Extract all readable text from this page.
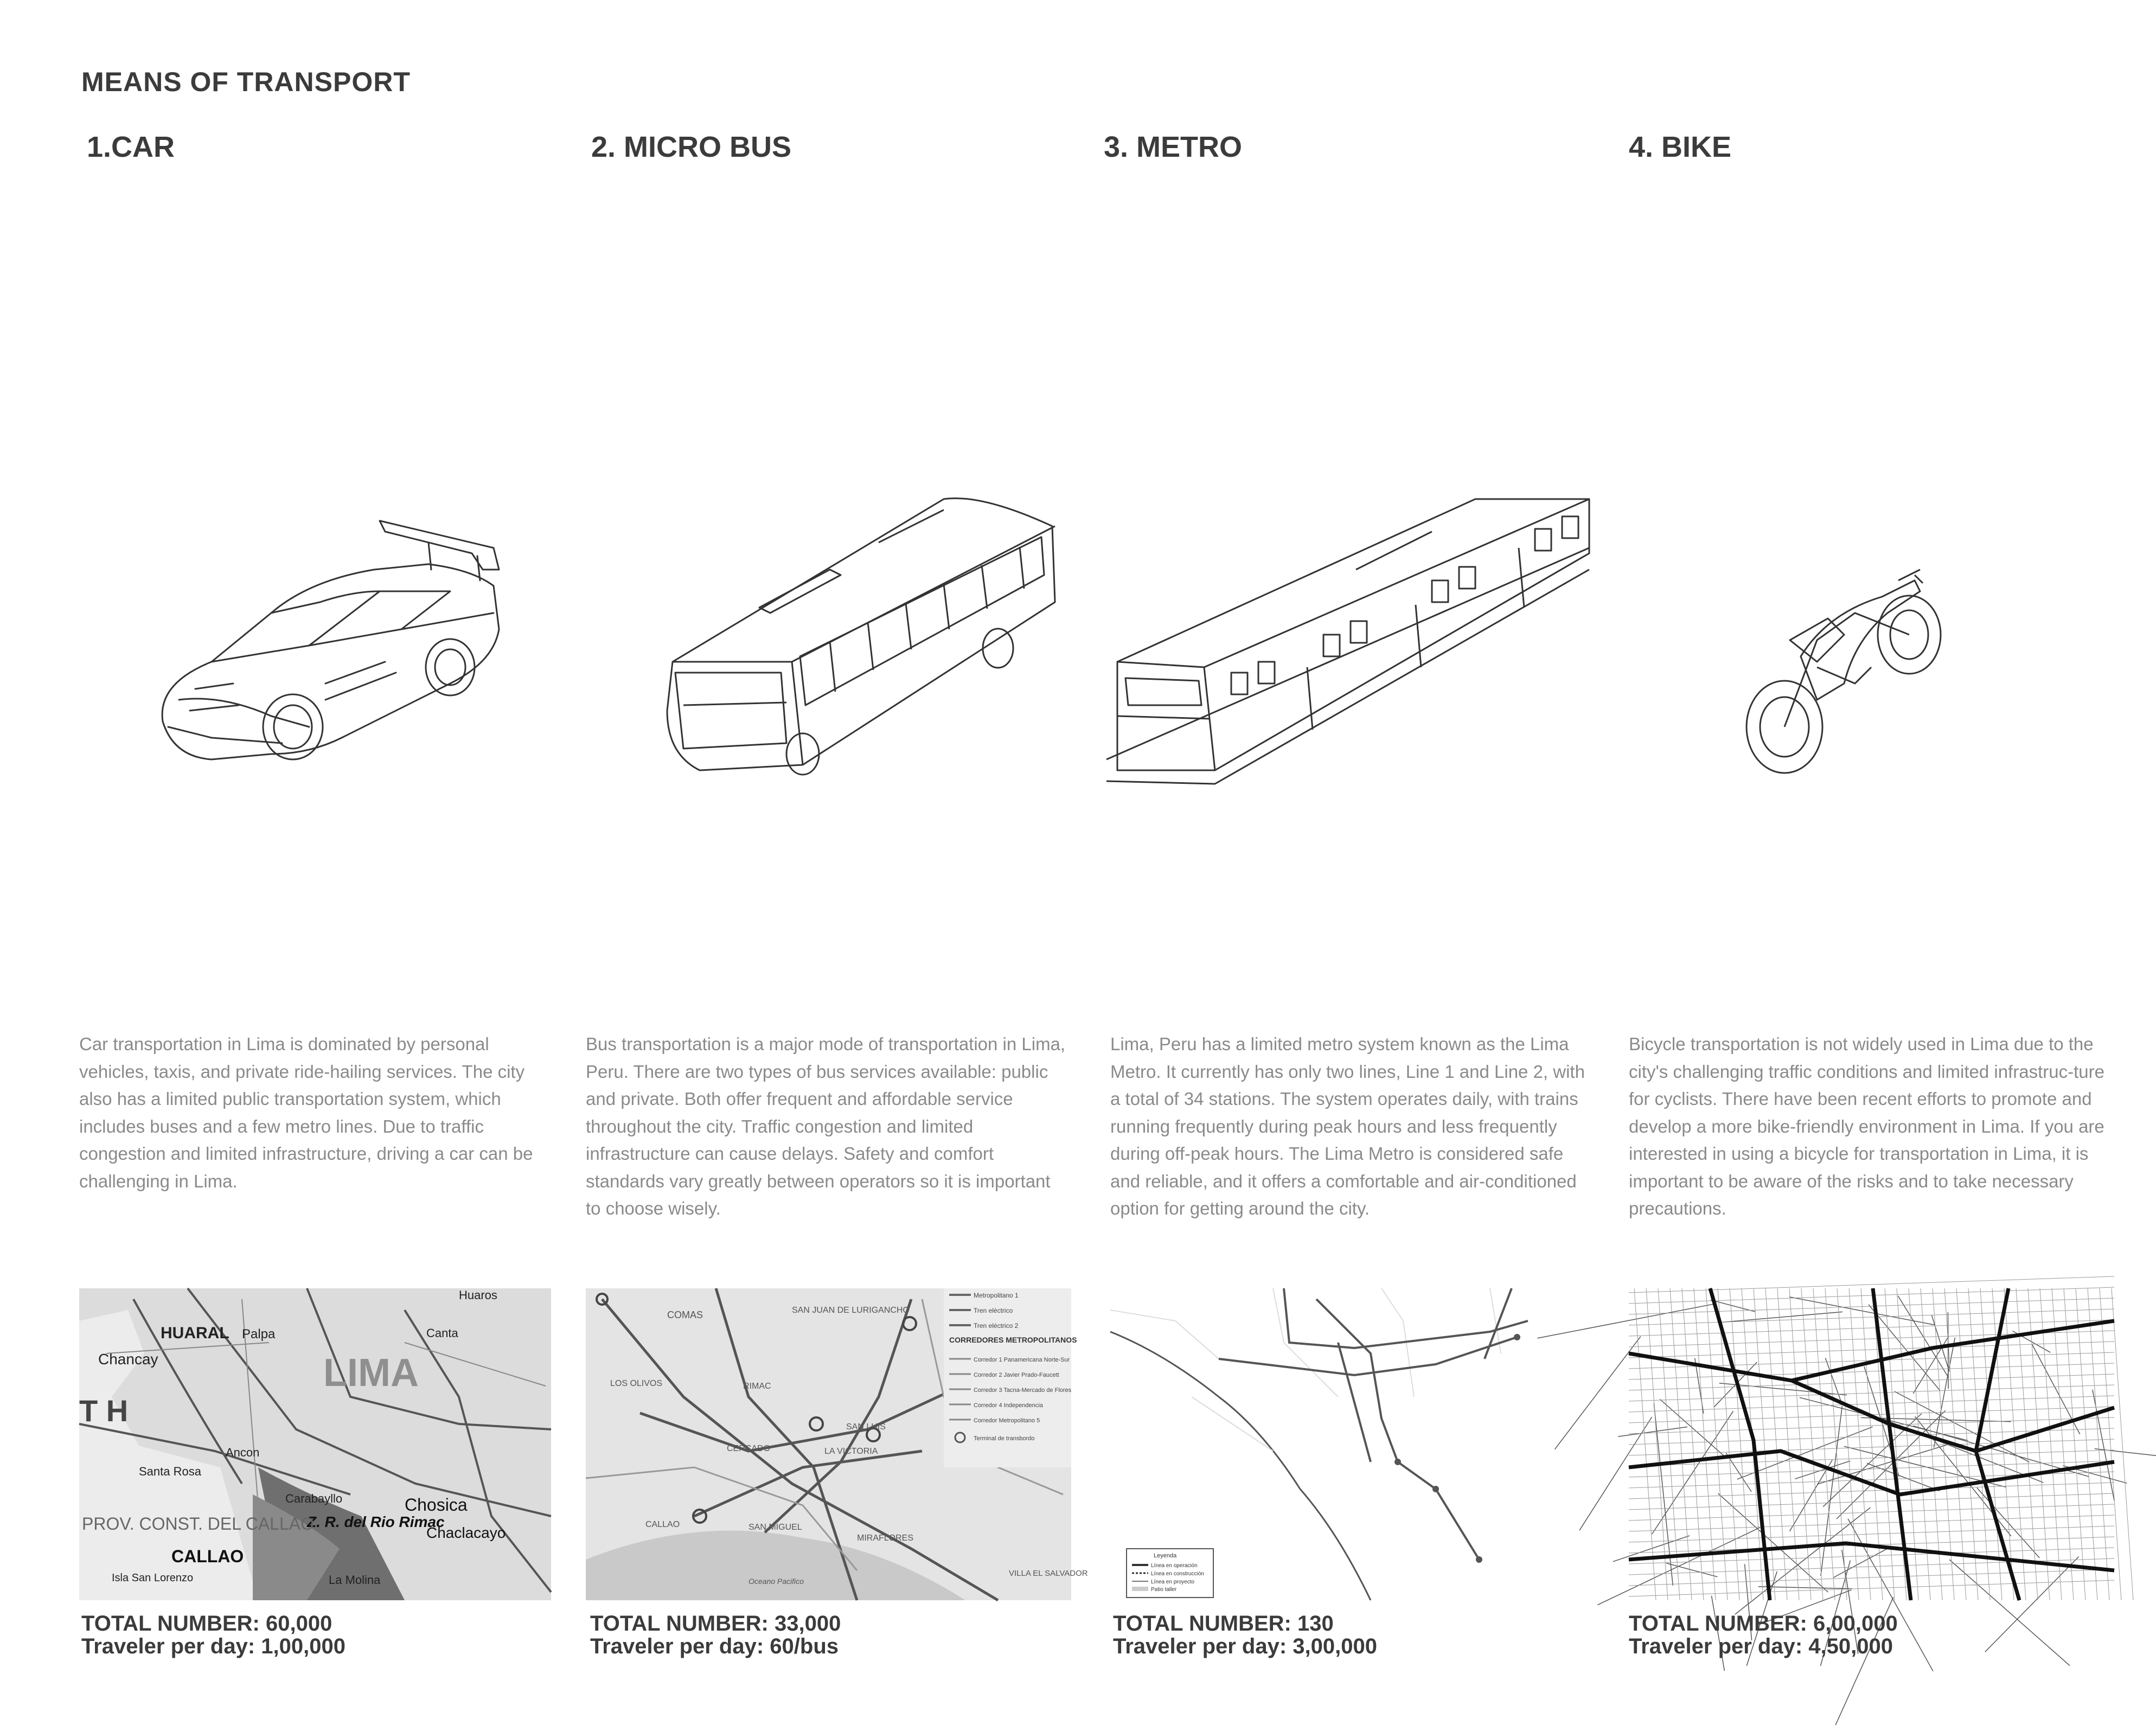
MEANS OF TRANSPORT
1.CAR	2. MICRO BUS	3. METRO	4. BIKE

Car transportation in Lima is dominated by personal vehicles, taxis, and private ride-hailing services. The city also has a limited public transportation system, which includes buses and a few metro lines. Due to traffic congestion and limited infrastructure, driving a car can be challenging in Lima.

Bus transportation is a major mode of transportation in Lima, Peru. There are two types of bus services available: public and private. Both offer frequent and affordable service throughout the city. Traffic congestion and limited infrastructure can cause delays. Safety and comfort standards vary greatly between operators so it is important to choose wisely.

Lima, Peru has a limited metro system known as the Lima Metro. It currently has only two lines, Line 1 and Line 2, with a total of 34 stations. The system operates daily, with trains running frequently during peak hours and less frequently during off-peak hours. The Lima Metro is considered safe and reliable, and it offers a comfortable and air-conditioned option for getting around the city.

Bicycle transportation is not widely used in Lima due to the city's challenging traffic conditions and limited infrastruc-ture for cyclists. There have been recent efforts to promote and develop a more bike-friendly environment in Lima. If you are interested in using a bicycle for transportation in Lima, it is important to be aware of the risks and to take necessary precautions.

HUARAL Palpa
Chancay	LIMA
Huaros
Canta
Santa Rosa
Ancon
Carabayllo
Z. R. del Rio Rimac
Chosica
Chaclacayo
CALLAO
PROV. CONST. DEL CALLAO
Isla San Lorenzo	La Molina
T H
COMAS	SAN JUAN DE LURIGANCHO
LOS OLIVOS	RIMAC
SAN LUIS
CERCADO	LA VICTORIA
CALLAO	SAN MIGUEL
MIRAFLORES
VILLA EL SALVADOR
Oceano Pacifico
Metropolitano 1
Tren eléctrico
Tren eléctrico 2
CORREDORES METROPOLITANOS
Corredor 1 Panamericana Norte-Sur
Corredor 2 Javier Prado-Faucett
Corredor 3 Tacna-Mercado de Flores
Corredor 4 Independencia
Corredor Metropolitano 5
Terminal de transbordo
Leyenda
Línea en operación
Línea en construcción
Línea en proyecto
Patio taller
TOTAL NUMBER: 60,000
Traveler per day: 1,00,000
TOTAL NUMBER: 33,000
Traveler per day: 60/bus
TOTAL NUMBER: 130
Traveler per day: 3,00,000
TOTAL NUMBER: 6,00,000
Traveler per day: 4,50,000
